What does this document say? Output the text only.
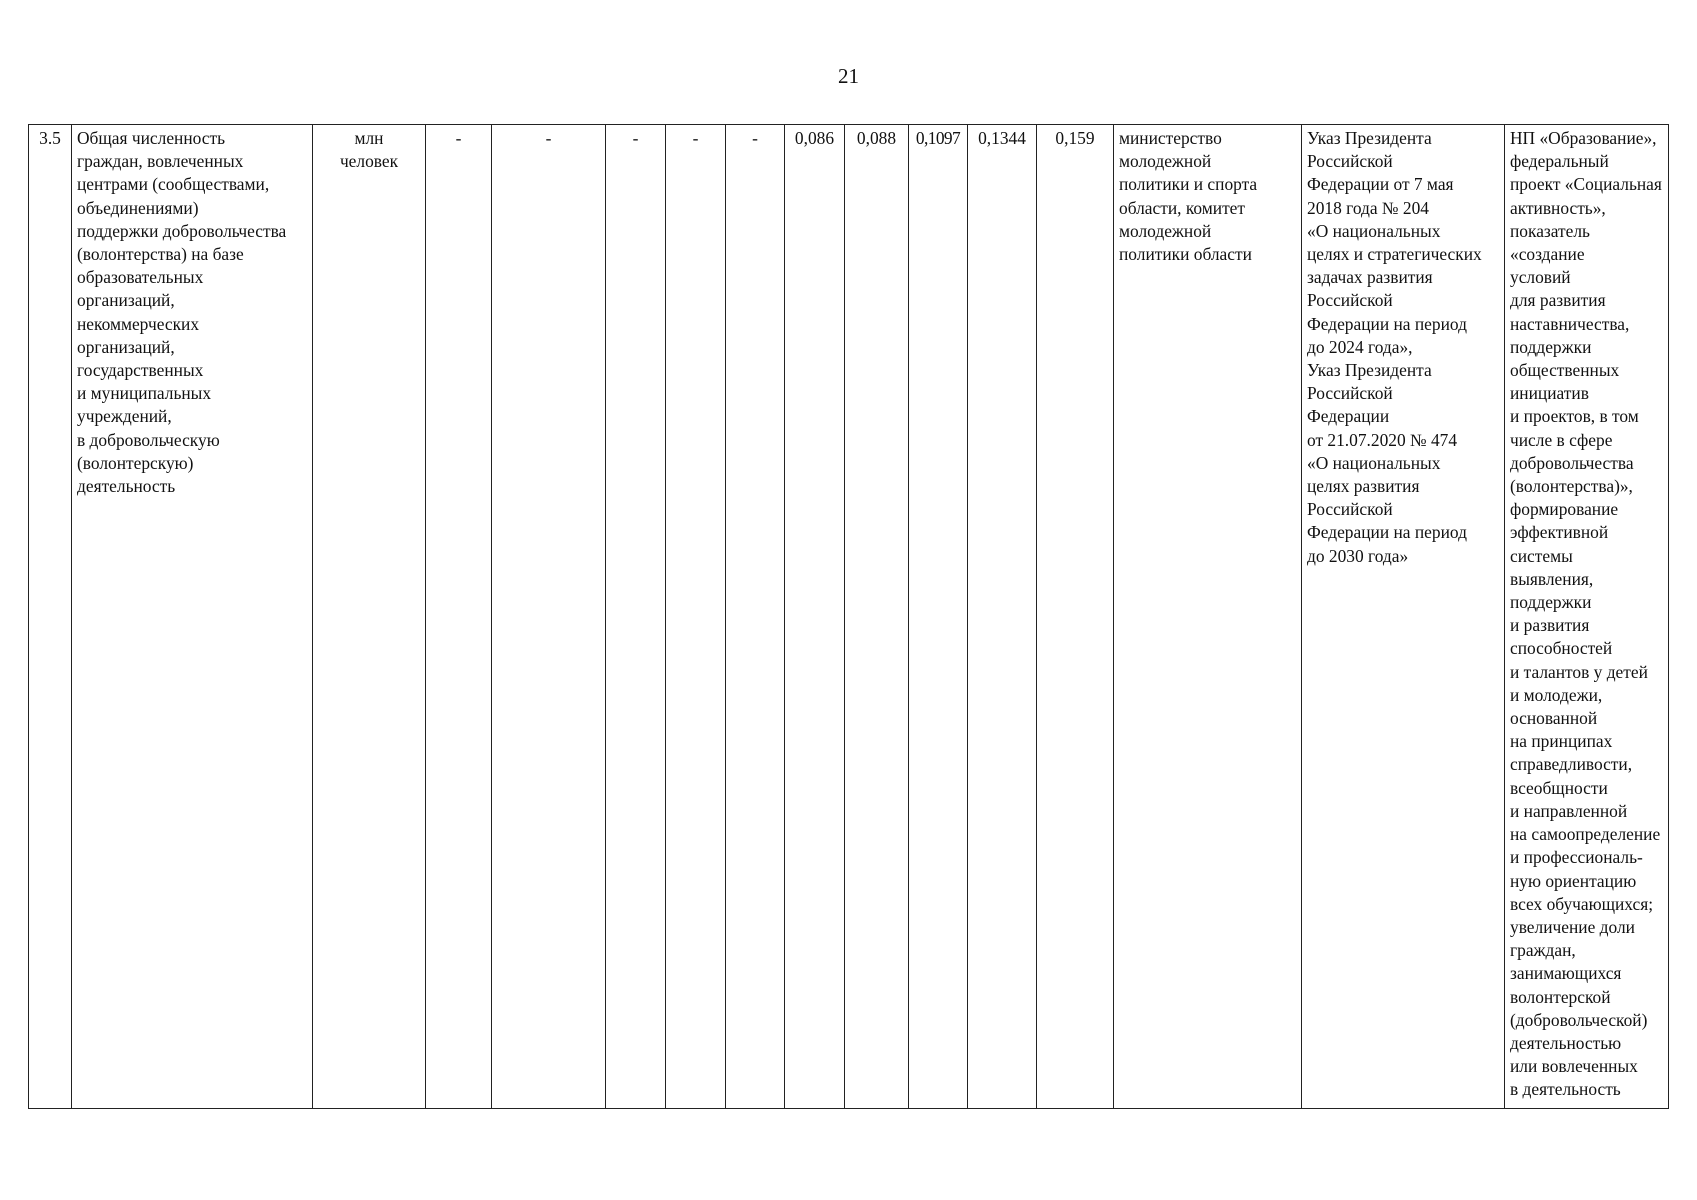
21
3.5	Общая численность
граждан, вовлеченных
центрами (сообществами,
объединениями)
поддержки добровольчества
(волонтерства) на базе
образовательных
организаций,
некоммерческих
организаций,
государственных
и муниципальных
учреждений,
в добровольческую
(волонтерскую)
деятельность	млн
человек	-	-	-	-	-	0,086	0,088	0,1097	0,1344	0,159	министерство
молодежной
политики и спорта
области, комитет
молодежной
политики области	Указ Президента
Российской
Федерации от 7 мая
2018 года № 204
«О национальных
целях и стратегических
задачах развития
Российской
Федерации на период
до 2024 года»,
Указ Президента
Российской
Федерации
от 21.07.2020 № 474
«О национальных
целях развития
Российской
Федерации на период
до 2030 года»	НП «Образование»,
федеральный
проект «Социальная
активность»,
показатель
«создание
условий
для развития
наставничества,
поддержки
общественных
инициатив
и проектов, в том
числе в сфере
добровольчества
(волонтерства)»,
формирование
эффективной
системы
выявления,
поддержки
и развития
способностей
и талантов у детей
и молодежи,
основанной
на принципах
справедливости,
всеобщности
и направленной
на самоопределение
и профессиональ-
ную ориентацию
всех обучающихся;
увеличение доли
граждан,
занимающихся
волонтерской
(добровольческой)
деятельностью
или вовлеченных
в деятельность
